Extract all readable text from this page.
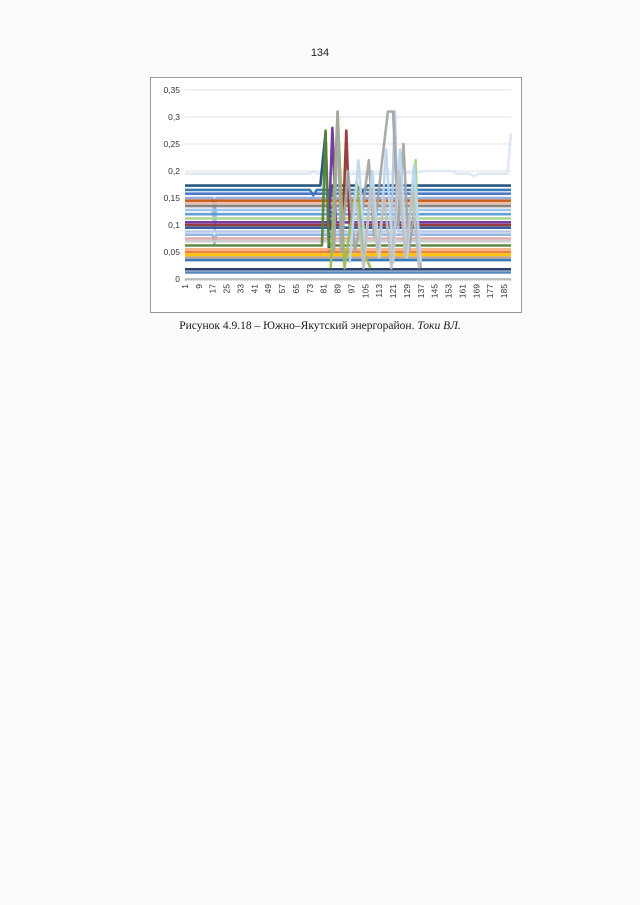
134
0
0,05
0,1
0,15
0,2
0,25
0,3
0,35
1 9 17 25 33 41 49 57 65 73 81 89 97 105 113 121 129 137 145 153 161 169 177 185
Рисунок 4.9.18 – Южно–Якутский энергорайон. Токи ВЛ.
